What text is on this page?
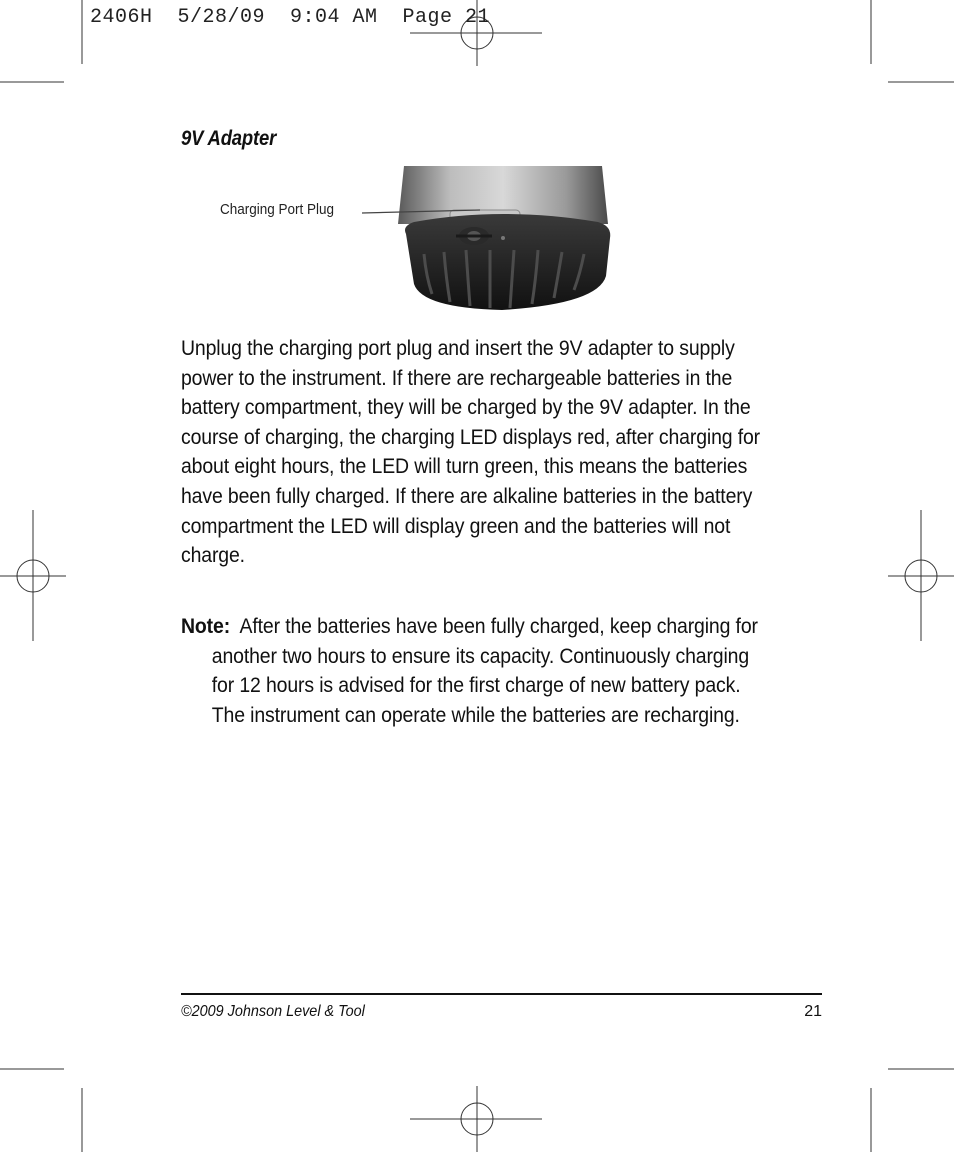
2406H  5/28/09  9:04 AM  Page 21
9V Adapter
Charging Port Plug
Unplug the charging port plug and insert the 9V adapter to supply
power to the instrument. If there are rechargeable batteries in the
battery compartment, they will be charged by the 9V adapter. In the
course of charging, the charging LED displays red, after charging for
about eight hours, the LED will turn green, this means the batteries
have been fully charged. If there are alkaline batteries in the battery
compartment the LED will display green and the batteries will not
charge.
Note: After the batteries have been fully charged, keep charging for
another two hours to ensure its capacity. Continuously charging
for 12 hours is advised for the first charge of new battery pack.
The instrument can operate while the batteries are recharging.
©2009 Johnson Level & Tool	21
